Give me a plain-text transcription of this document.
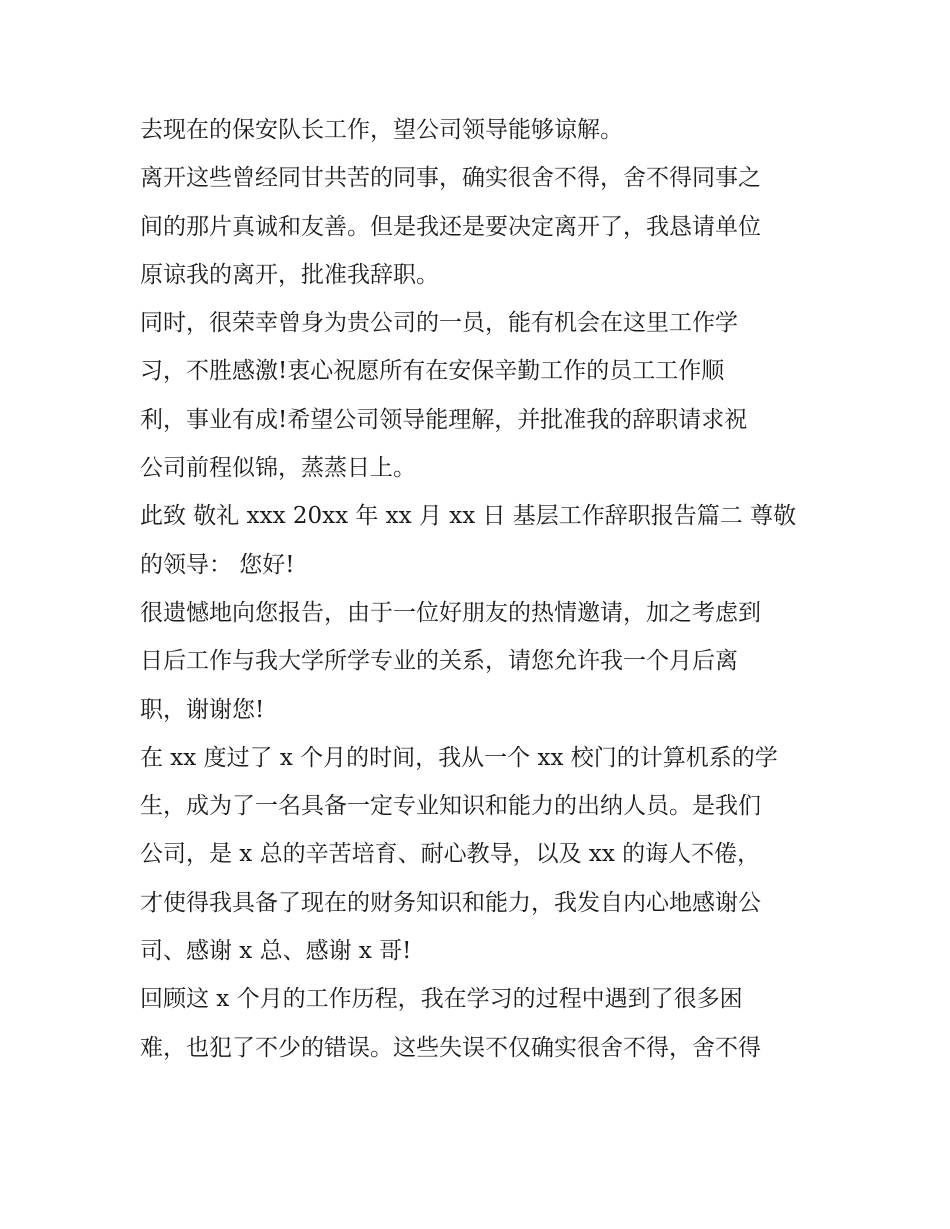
去现在的保安队长工作，望公司领导能够谅解。
离开这些曾经同甘共苦的同事，确实很舍不得，舍不得同事之
间的那片真诚和友善。但是我还是要决定离开了，我恳请单位
原谅我的离开，批准我辞职。
同时，很荣幸曾身为贵公司的一员，能有机会在这里工作学
习，不胜感激!衷心祝愿所有在安保辛勤工作的员工工作顺
利，事业有成!希望公司领导能理解，并批准我的辞职请求祝
公司前程似锦，蒸蒸日上。
此致 敬礼 xxx 20xx 年 xx 月 xx 日 基层工作辞职报告篇二 尊敬
的领导： 您好!
很遗憾地向您报告，由于一位好朋友的热情邀请，加之考虑到
日后工作与我大学所学专业的关系，请您允许我一个月后离
职，谢谢您!
在 xx 度过了 x 个月的时间，我从一个 xx 校门的计算机系的学
生，成为了一名具备一定专业知识和能力的出纳人员。是我们
公司，是 x 总的辛苦培育、耐心教导，以及 xx 的诲人不倦，
才使得我具备了现在的财务知识和能力，我发自内心地感谢公
司、感谢 x 总、感谢 x 哥!
回顾这 x 个月的工作历程，我在学习的过程中遇到了很多困
难，也犯了不少的错误。这些失误不仅确实很舍不得，舍不得
